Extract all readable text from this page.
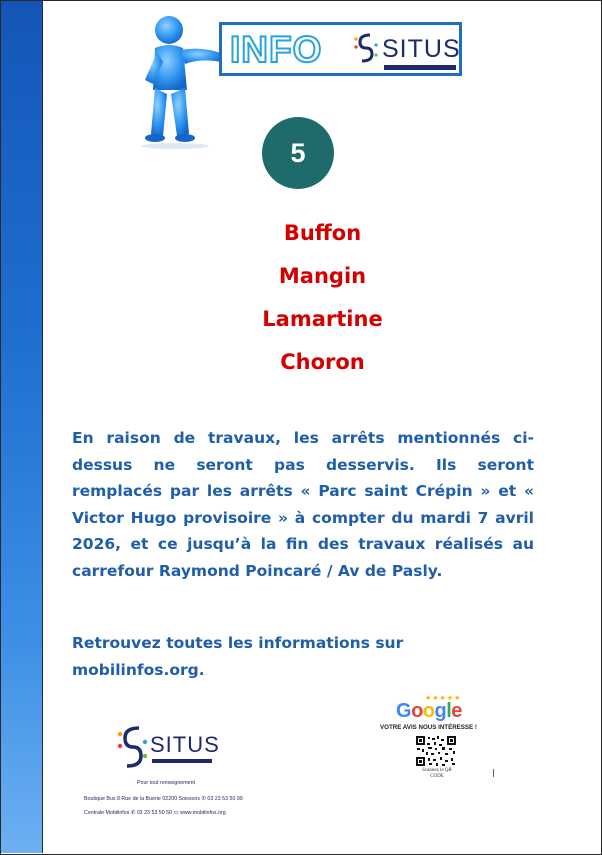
INFO SITUS
5
Buffon
Mangin
Lamartine
Choron

En raison de travaux, les arrêts mentionnés ci-dessus ne seront pas desservis. Ils seront remplacés par les arrêts « Parc saint Crépin » et « Victor Hugo provisoire » à compter du mardi 7 avril 2026, et ce jusqu’à la fin des travaux réalisés au carrefour Raymond Poincaré / Av de Pasly.

Retrouvez toutes les informations sur
mobilinfos.org.
SITUS
Pour tout renseignement
Boutique Bus 8 Rue de la Buerie 02200 Soissons ✆ 03 23 53 50 99
Centrale Mobilinfos ✆ 03 23 53 50 50 ▭ www.mobilinfos.org
★★★★★
Google
VOTRE AVIS NOUS INTÉRESSE !
Scannez le QR CODE
